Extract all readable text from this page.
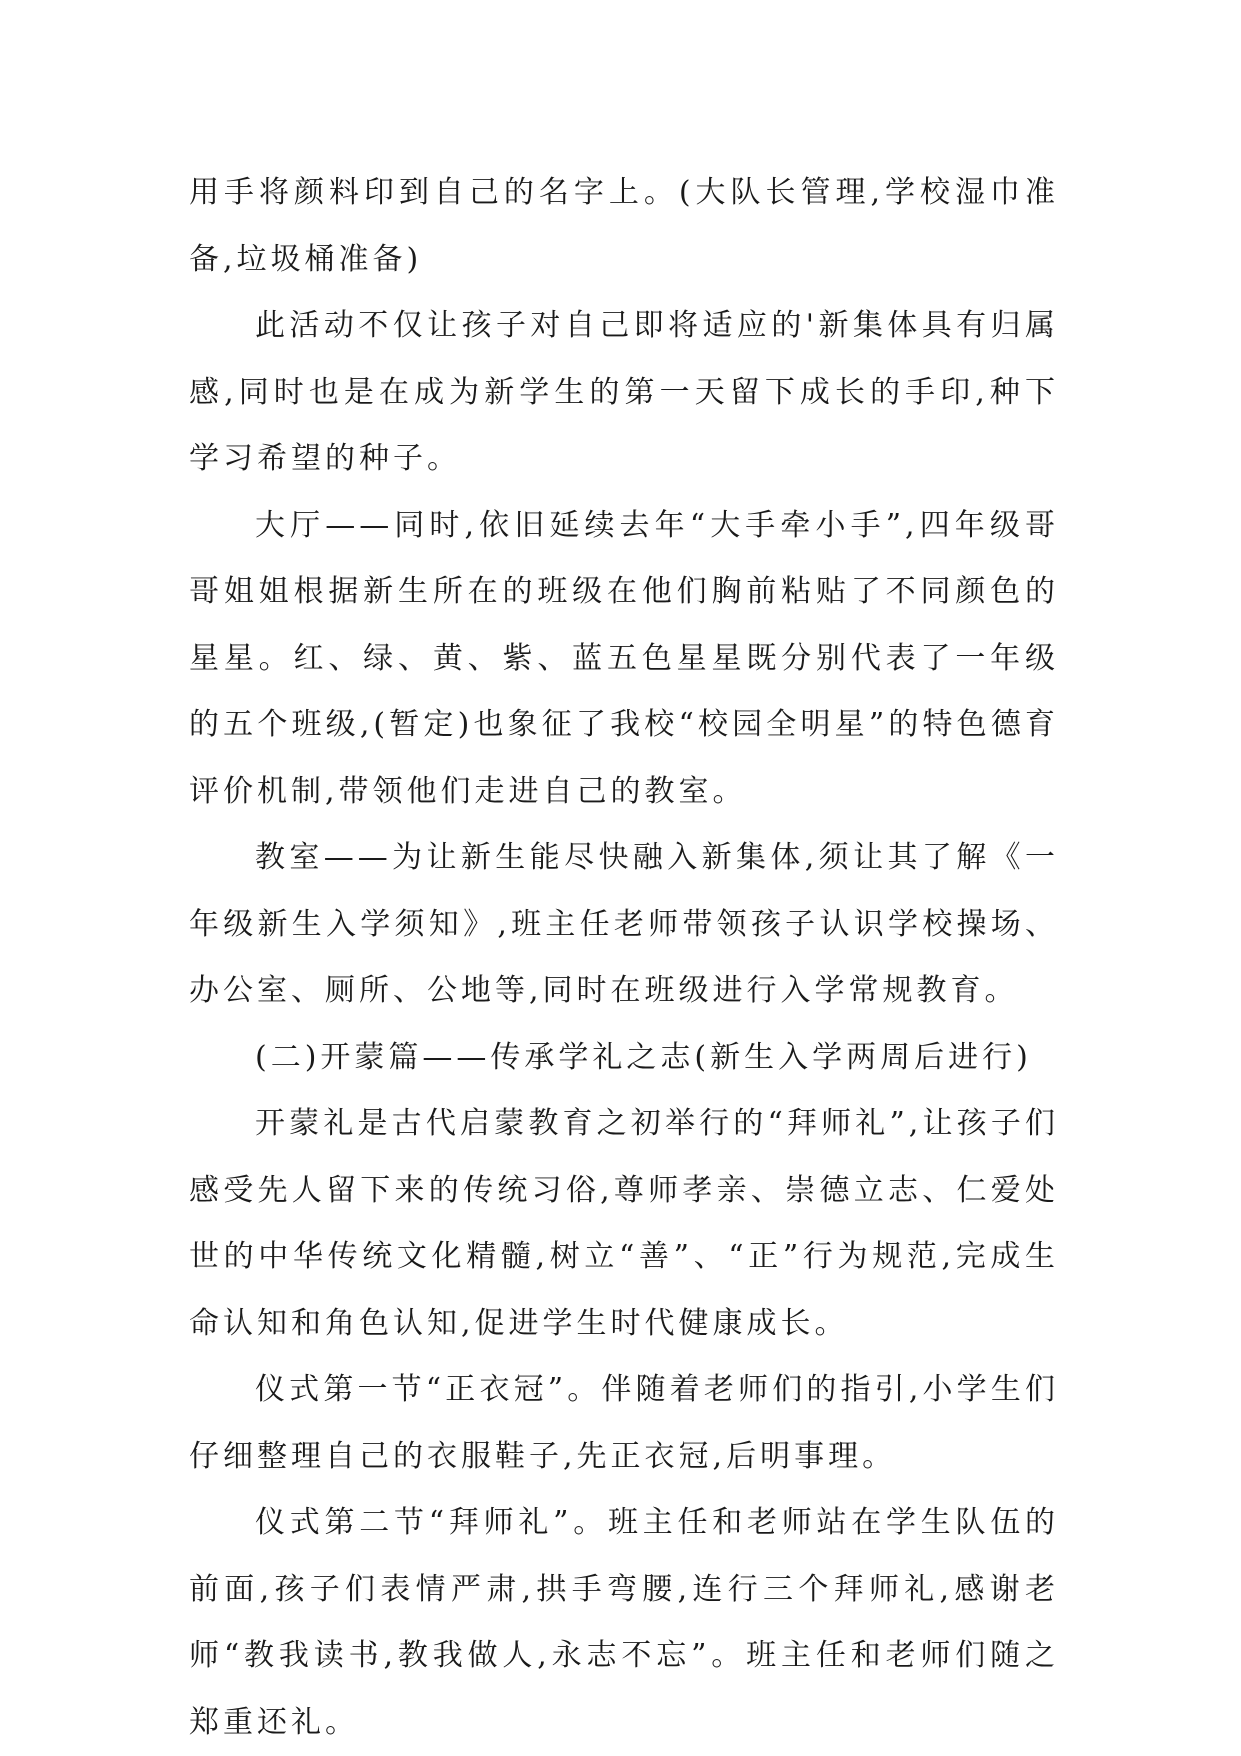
用手将颜料印到自己的名字上。(大队长管理,学校湿巾准备,垃圾桶准备)

此活动不仅让孩子对自己即将适应的'新集体具有归属感,同时也是在成为新学生的第一天留下成长的手印,种下学习希望的种子。

大厅——同时,依旧延续去年“大手牵小手”,四年级哥哥姐姐根据新生所在的班级在他们胸前粘贴了不同颜色的星星。红、绿、黄、紫、蓝五色星星既分别代表了一年级的五个班级,(暂定)也象征了我校“校园全明星”的特色德育评价机制,带领他们走进自己的教室。

教室——为让新生能尽快融入新集体,须让其了解《一年级新生入学须知》,班主任老师带领孩子认识学校操场、办公室、厕所、公地等,同时在班级进行入学常规教育。

(二)开蒙篇——传承学礼之志(新生入学两周后进行)

开蒙礼是古代启蒙教育之初举行的“拜师礼”,让孩子们感受先人留下来的传统习俗,尊师孝亲、崇德立志、仁爱处世的中华传统文化精髓,树立“善”、“正”行为规范,完成生命认知和角色认知,促进学生时代健康成长。

仪式第一节“正衣冠”。伴随着老师们的指引,小学生们仔细整理自己的衣服鞋子,先正衣冠,后明事理。

仪式第二节“拜师礼”。班主任和老师站在学生队伍的前面,孩子们表情严肃,拱手弯腰,连行三个拜师礼,感谢老师“教我读书,教我做人,永志不忘”。班主任和老师们随之郑重还礼。
